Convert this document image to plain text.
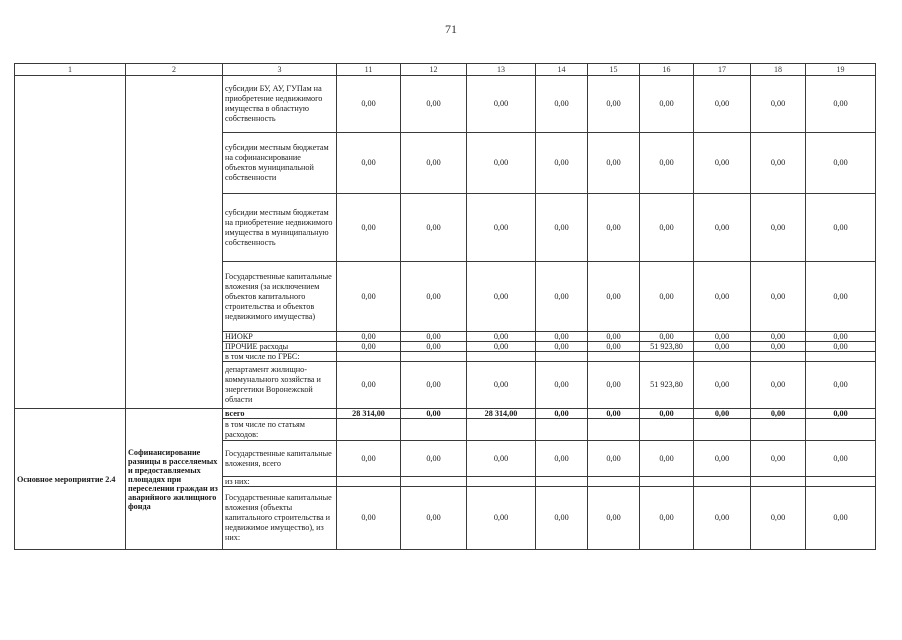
71
1	2	3	11	12	13	14	15	16	17	18	19
		субсидии БУ, АУ, ГУПам на приобретение недвижимого имущества в областную собственность	0,00	0,00	0,00	0,00	0,00	0,00	0,00	0,00	0,00
		субсидии местным бюджетам на софинансирование объектов муниципальной собственности	0,00	0,00	0,00	0,00	0,00	0,00	0,00	0,00	0,00
		субсидии местным бюджетам на приобретение недвижимого имущества в муниципальную собственность	0,00	0,00	0,00	0,00	0,00	0,00	0,00	0,00	0,00
		Государственные капитальные вложения (за исключением объектов капитального строительства и объектов недвижимого имущества)	0,00	0,00	0,00	0,00	0,00	0,00	0,00	0,00	0,00
		НИОКР	0,00	0,00	0,00	0,00	0,00	0,00	0,00	0,00	0,00
		ПРОЧИЕ расходы	0,00	0,00	0,00	0,00	0,00	51 923,80	0,00	0,00	0,00
		в том числе по ГРБС:									
		департамент жилищно-коммунального хозяйства и энергетики Воронежской области	0,00	0,00	0,00	0,00	0,00	51 923,80	0,00	0,00	0,00
Основное мероприятие 2.4	Софинансирование разницы в расселяемых и предоставляемых площадях при переселении граждан из аварийного жилищного фонда	всего	28 314,00	0,00	28 314,00	0,00	0,00	0,00	0,00	0,00	0,00
		в том числе по статьям расходов:									
		Государственные капитальные вложения, всего	0,00	0,00	0,00	0,00	0,00	0,00	0,00	0,00	0,00
		из них:									
		Государственные капитальные вложения (объекты капитального строительства и недвижимое имущество), из них:	0,00	0,00	0,00	0,00	0,00	0,00	0,00	0,00	0,00
